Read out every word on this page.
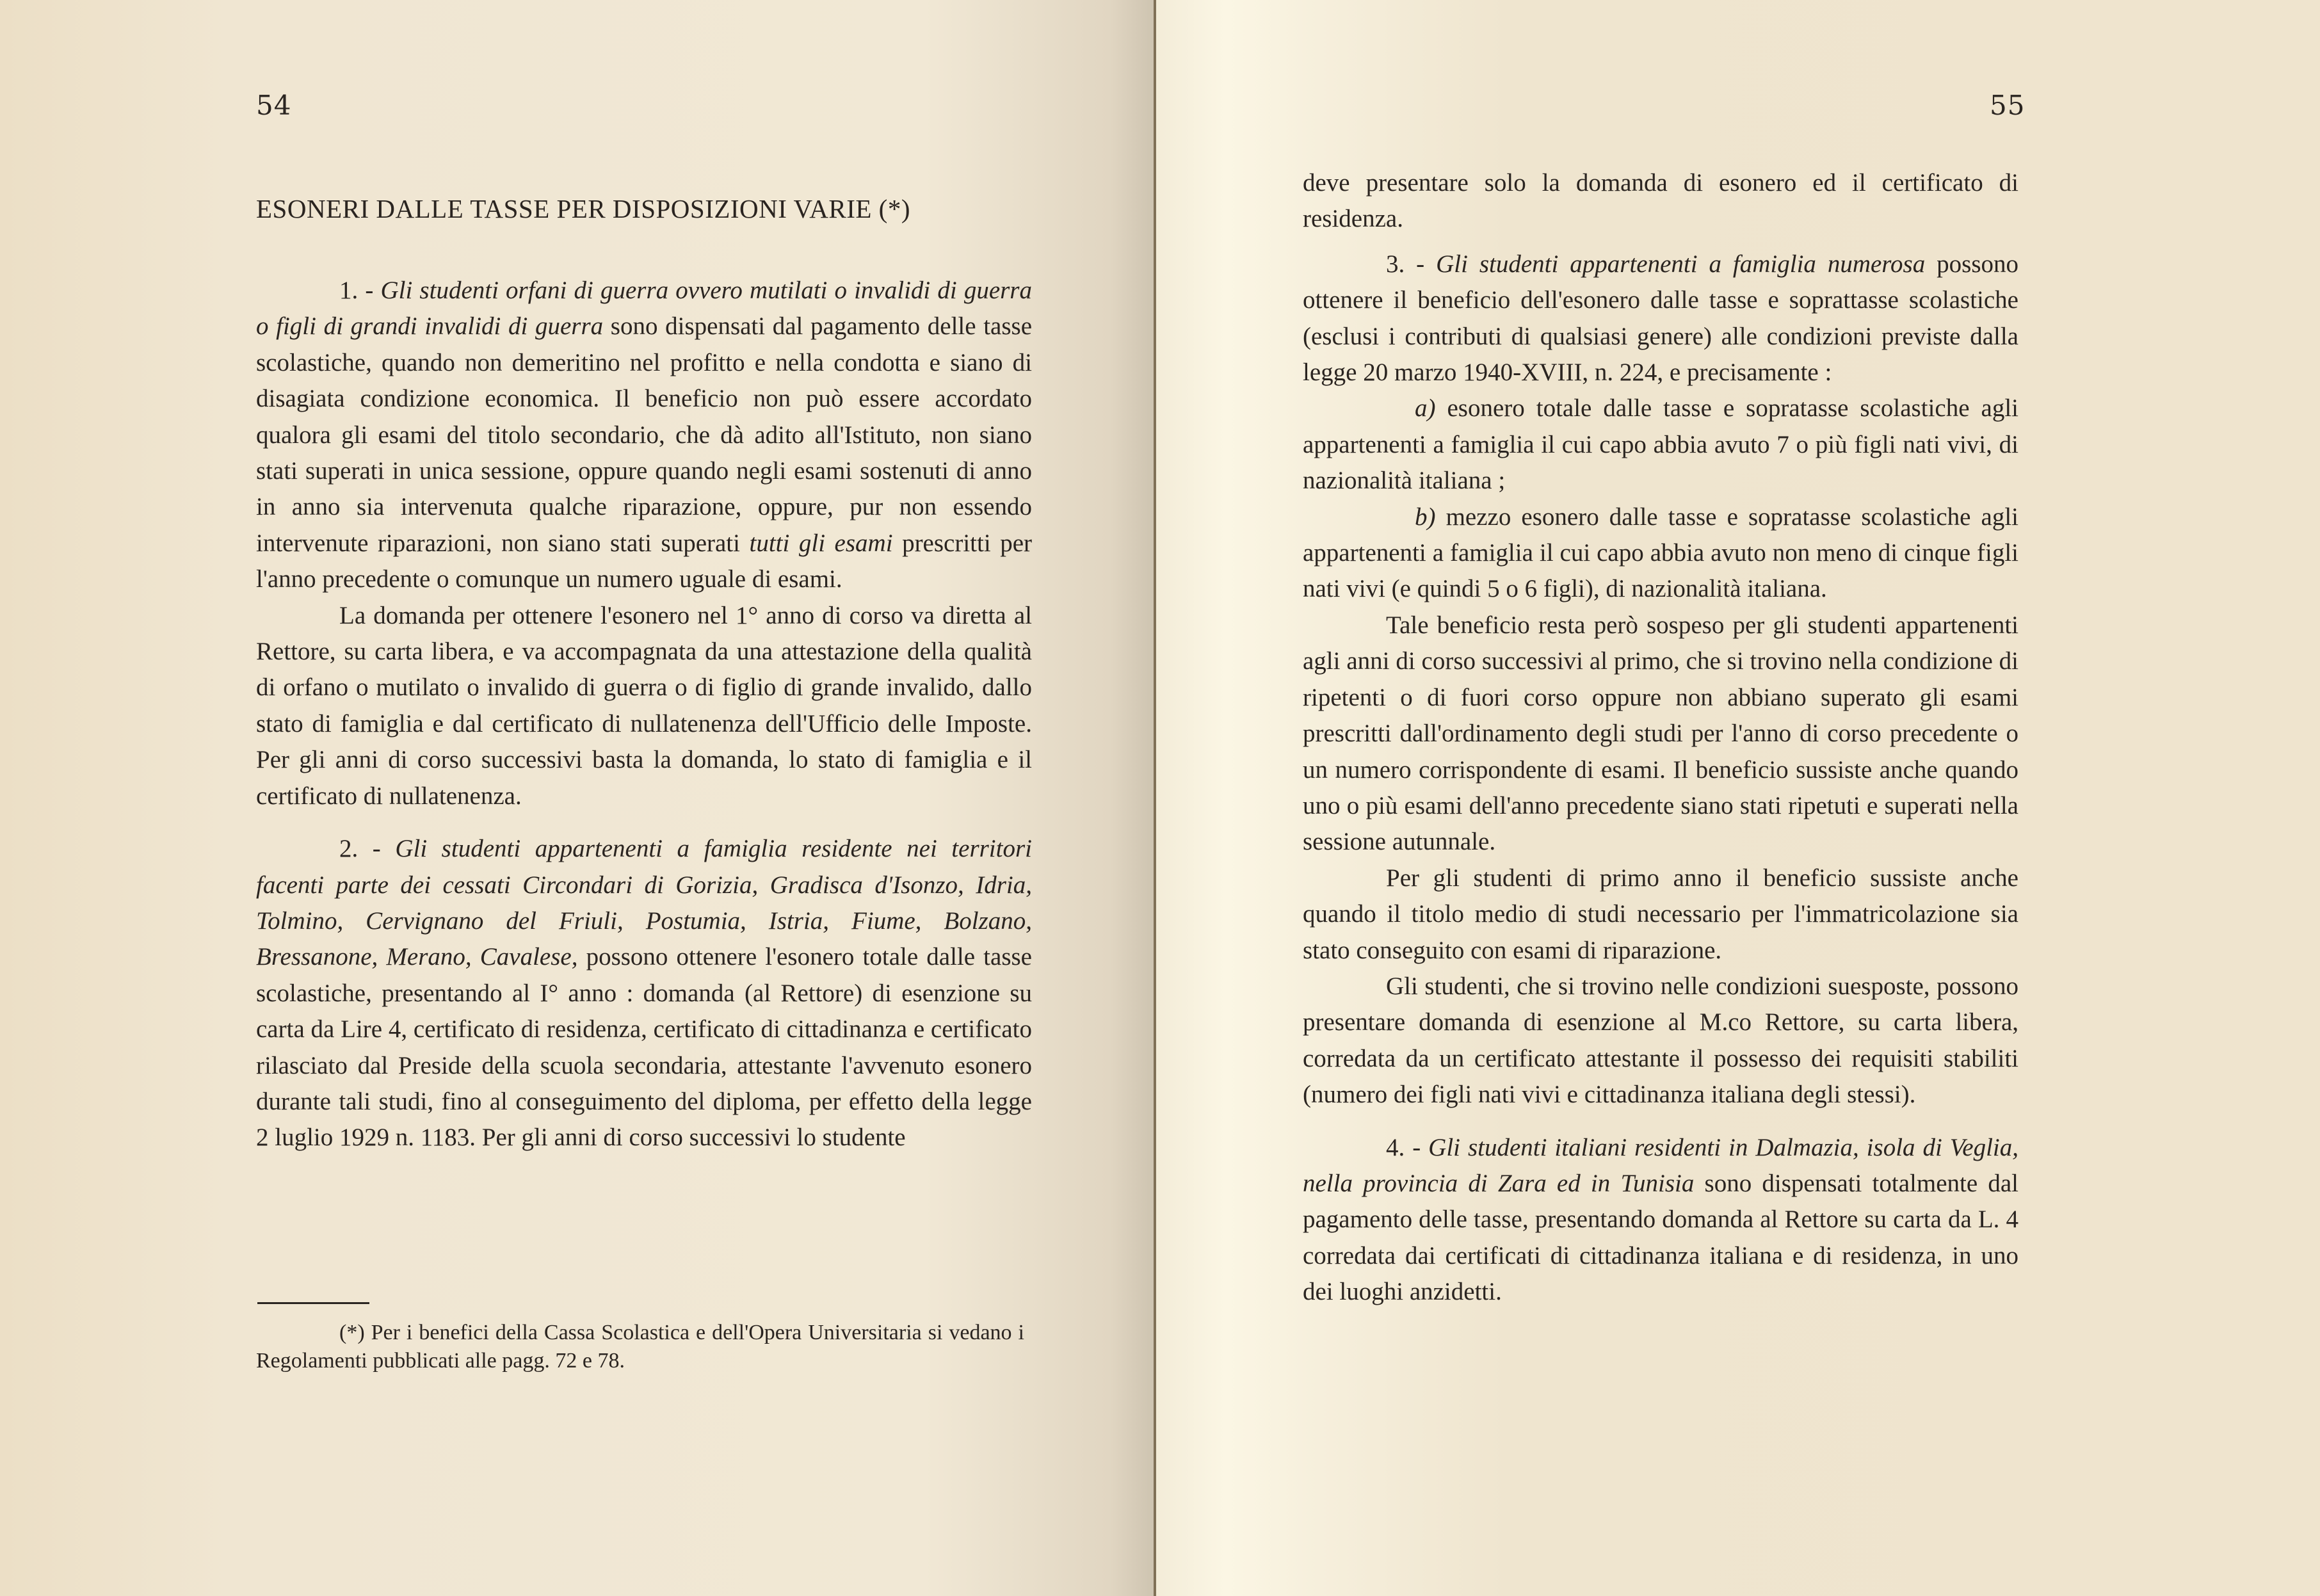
54
ESONERI DALLE TASSE PER DISPOSIZIONI VARIE (*)

1. - Gli studenti orfani di guerra ovvero mutilati o invalidi di guerra o figli di grandi invalidi di guerra sono dispensati dal pagamento delle tasse scolastiche, quando non demeritino nel profitto e nella condotta e siano di disagiata condizione economica. Il beneficio non può essere accordato qualora gli esami del titolo secondario, che dà adito all'Istituto, non siano stati superati in unica sessione, oppure quando negli esami sostenuti di anno in anno sia intervenuta qualche riparazione, oppure, pur non essendo intervenute riparazioni, non siano stati superati tutti gli esami prescritti per l'anno precedente o comunque un numero uguale di esami.

La domanda per ottenere l'esonero nel 1° anno di corso va diretta al Rettore, su carta libera, e va accompagnata da una attestazione della qualità di orfano o mutilato o invalido di guerra o di figlio di grande invalido, dallo stato di famiglia e dal certificato di nullatenenza dell'Ufficio delle Imposte. Per gli anni di corso successivi basta la domanda, lo stato di famiglia e il certificato di nullatenenza.

2. - Gli studenti appartenenti a famiglia residente nei territori facenti parte dei cessati Circondari di Gorizia, Gradisca d'Isonzo, Idria, Tolmino, Cervignano del Friuli, Postumia, Istria, Fiume, Bolzano, Bressanone, Merano, Cavalese, possono ottenere l'esonero totale dalle tasse scolastiche, presentando al I° anno : domanda (al Rettore) di esenzione su carta da Lire 4, certificato di residenza, certificato di cittadinanza e certificato rilasciato dal Preside della scuola secondaria, attestante l'avvenuto esonero durante tali studi, fino al conseguimento del diploma, per effetto della legge 2 luglio 1929 n. 1183. Per gli anni di corso successivi lo studente

(*) Per i benefici della Cassa Scolastica e dell'Opera Universitaria si vedano i Regolamenti pubblicati alle pagg. 72 e 78.

55

deve presentare solo la domanda di esonero ed il certificato di residenza.

3. - Gli studenti appartenenti a famiglia numerosa possono ottenere il beneficio dell'esonero dalle tasse e soprattasse scolastiche (esclusi i contributi di qualsiasi genere) alle condizioni previste dalla legge 20 marzo 1940-XVIII, n. 224, e precisamente :

a) esonero totale dalle tasse e sopratasse scolastiche agli appartenenti a famiglia il cui capo abbia avuto 7 o più figli nati vivi, di nazionalità italiana ;

b) mezzo esonero dalle tasse e sopratasse scolastiche agli appartenenti a famiglia il cui capo abbia avuto non meno di cinque figli nati vivi (e quindi 5 o 6 figli), di nazionalità italiana.

Tale beneficio resta però sospeso per gli studenti appartenenti agli anni di corso successivi al primo, che si trovino nella condizione di ripetenti o di fuori corso oppure non abbiano superato gli esami prescritti dall'ordinamento degli studi per l'anno di corso precedente o un numero corrispondente di esami. Il beneficio sussiste anche quando uno o più esami dell'anno precedente siano stati ripetuti e superati nella sessione autunnale.

Per gli studenti di primo anno il beneficio sussiste anche quando il titolo medio di studi necessario per l'immatricolazione sia stato conseguito con esami di riparazione.

Gli studenti, che si trovino nelle condizioni suesposte, possono presentare domanda di esenzione al M.co Rettore, su carta libera, corredata da un certificato attestante il possesso dei requisiti stabiliti (numero dei figli nati vivi e cittadinanza italiana degli stessi).

4. - Gli studenti italiani residenti in Dalmazia, isola di Veglia, nella provincia di Zara ed in Tunisia sono dispensati totalmente dal pagamento delle tasse, presentando domanda al Rettore su carta da L. 4 corredata dai certificati di cittadinanza italiana e di residenza, in uno dei luoghi anzidetti.
